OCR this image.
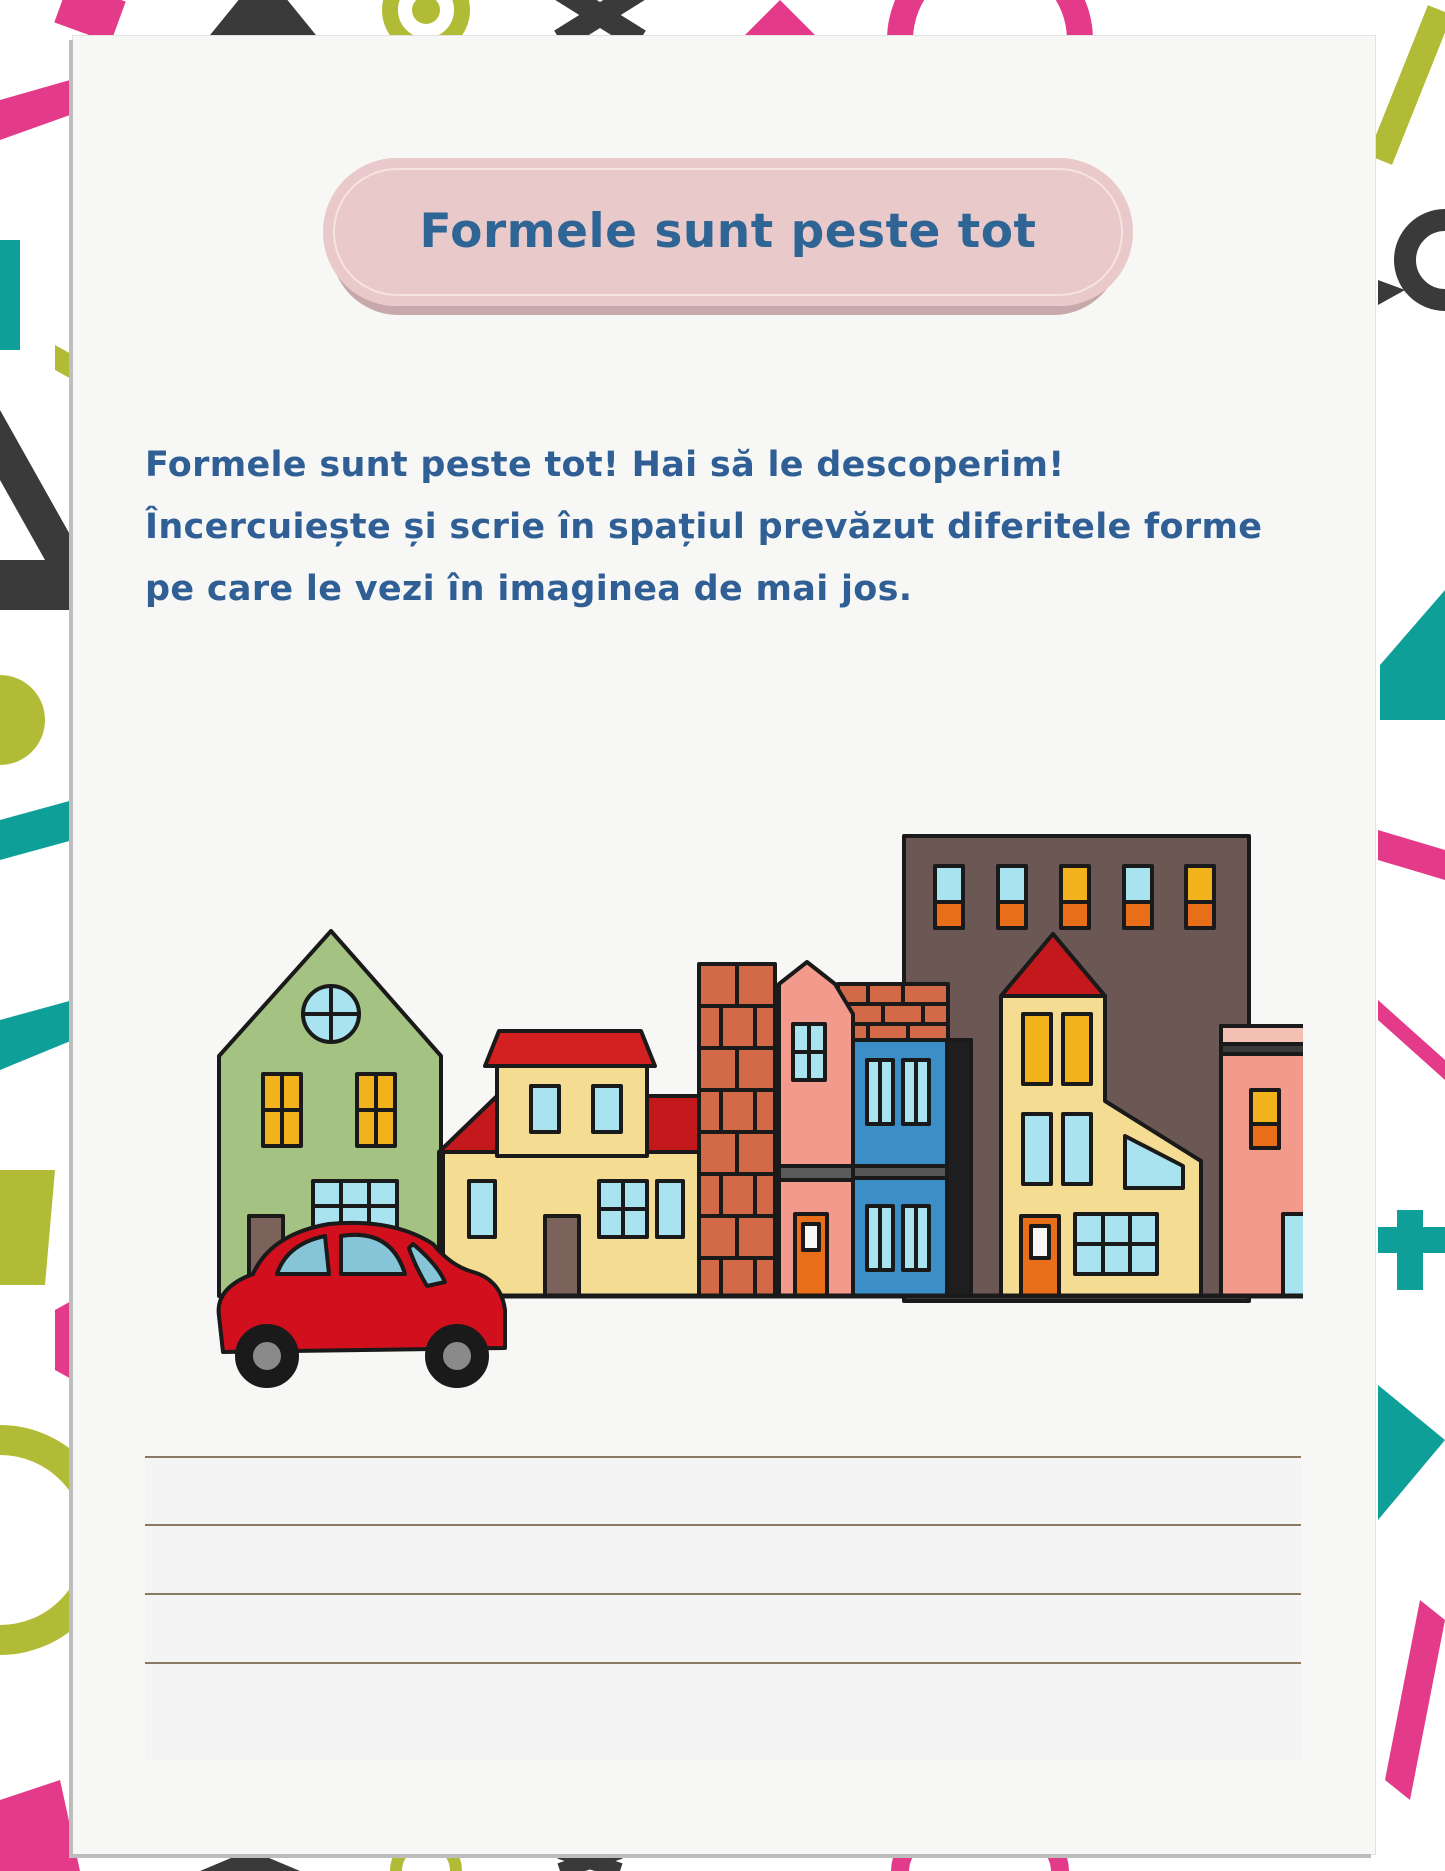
Formele sunt peste tot
Formele sunt peste tot! Hai să le descoperim!
Încercuiește și scrie în spațiul prevăzut diferitele forme
pe care le vezi în imaginea de mai jos.
